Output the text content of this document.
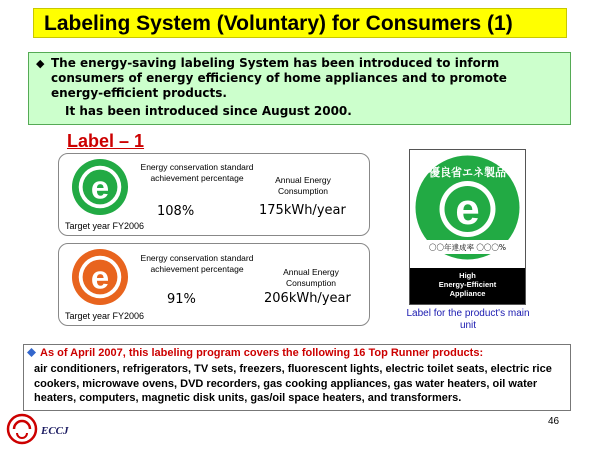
Labeling System (Voluntary) for Consumers (1)
◆ The energy-saving labeling System has been introduced to inform consumers of energy efficiency of home appliances and to promote energy-efficient products.
It has been introduced since August 2000.
Label – 1
e
Energy conservation standard achievement percentage
108%
Annual Energy Consumption
175kWh/year
Target year FY2006
e
Energy conservation standard achievement percentage
91%
Annual Energy Consumption
206kWh/year
Target year FY2006
優良省エネ製品
e
〇〇年達成率 〇〇〇%
High
Energy-Efficient
Appliance
Label for the product's main unit
As of April 2007, this labeling program covers the following 16 Top Runner products:
air conditioners, refrigerators, TV sets, freezers, fluorescent lights, electric toilet seats, electric rice cookers, microwave ovens, DVD recorders, gas cooking appliances, gas water heaters, oil water heaters, computers, magnetic disk units, gas/oil space heaters, and transformers.
46
ECCJ
